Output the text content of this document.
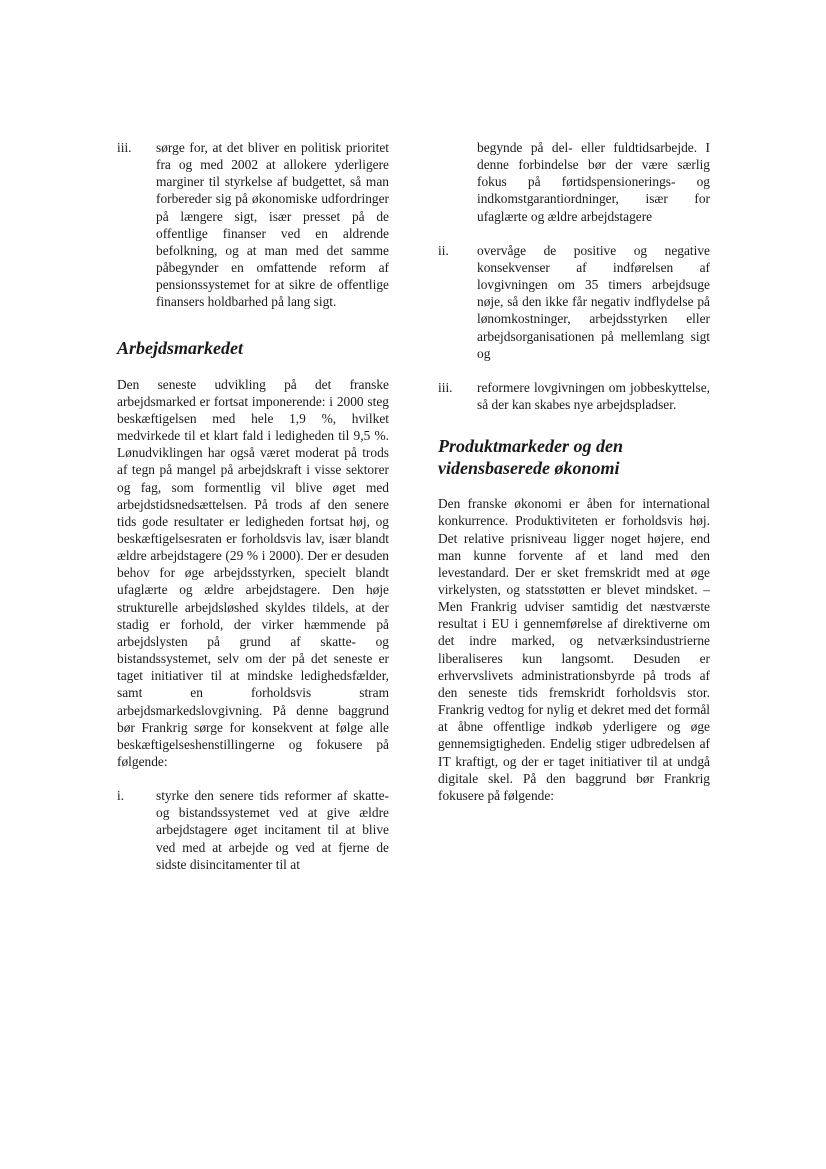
iii.	sørge for, at det bliver en politisk prioritet fra og med 2002 at allokere yderligere marginer til styrkelse af budgettet, så man forbereder sig på økonomiske udfordringer på længere sigt, især presset på de offentlige finanser ved en aldrende befolkning, og at man med det samme påbegynder en omfattende reform af pensionssystemet for at sikre de offentlige finansers holdbarhed på lang sigt.
Arbejdsmarkedet

Den seneste udvikling på det franske arbejdsmarked er fortsat imponerende: i 2000 steg beskæftigelsen med hele 1,9 %, hvilket medvirkede til et klart fald i ledigheden til 9,5 %. Lønudviklingen har også været moderat på trods af tegn på mangel på arbejdskraft i visse sektorer og fag, som formentlig vil blive øget med arbejdstidsnedsættelsen. På trods af den senere tids gode resultater er ledigheden fortsat høj, og beskæftigelsesraten er forholdsvis lav, især blandt ældre arbejdstagere (29 % i 2000). Der er desuden behov for øge arbejdsstyrken, specielt blandt ufaglærte og ældre arbejdstagere. Den høje strukturelle arbejdsløshed skyldes tildels, at der stadig er forhold, der virker hæmmende på arbejdslysten på grund af skatte- og bistandssystemet, selv om der på det seneste er taget initiativer til at mindske ledighedsfælder, samt en forholdsvis stram arbejdsmarkedslovgivning. På denne baggrund bør Frankrig sørge for konsekvent at følge alle beskæftigelseshenstillingerne og fokusere på følgende:

i.	styrke den senere tids reformer af skatte- og bistandssystemet ved at give ældre arbejdstagere øget incitament til at blive ved med at arbejde og ved at fjerne de sidste disincitamenter til at
begynde på del- eller fuldtidsarbejde. I denne forbindelse bør der være særlig fokus på førtidspensionerings- og indkomstgarantiordninger, især for ufaglærte og ældre arbejdstagere
ii.	overvåge de positive og negative konsekvenser af indførelsen af lovgivningen om 35 timers arbejdsuge nøje, så den ikke får negativ indflydelse på lønomkostninger, arbejdsstyrken eller arbejdsorganisationen på mellemlang sigt og
iii.	reformere lovgivningen om jobbeskyttelse, så der kan skabes nye arbejdspladser.
Produktmarkeder og den vidensbaserede økonomi

Den franske økonomi er åben for international konkurrence. Produktiviteten er forholdsvis høj. Det relative prisniveau ligger noget højere, end man kunne forvente af et land med den levestandard. Der er sket fremskridt med at øge virkelysten, og statsstøtten er blevet mindsket. –Men Frankrig udviser samtidig det næstværste resultat i EU i gennemførelse af direktiverne om det indre marked, og netværksindustrierne liberaliseres kun langsomt. Desuden er erhvervslivets administrationsbyrde på trods af den seneste tids fremskridt forholdsvis stor. Frankrig vedtog for nylig et dekret med det formål at åbne offentlige indkøb yderligere og øge gennemsigtigheden. Endelig stiger udbredelsen af IT kraftigt, og der er taget initiativer til at undgå digitale skel. På den baggrund bør Frankrig fokusere på følgende:
